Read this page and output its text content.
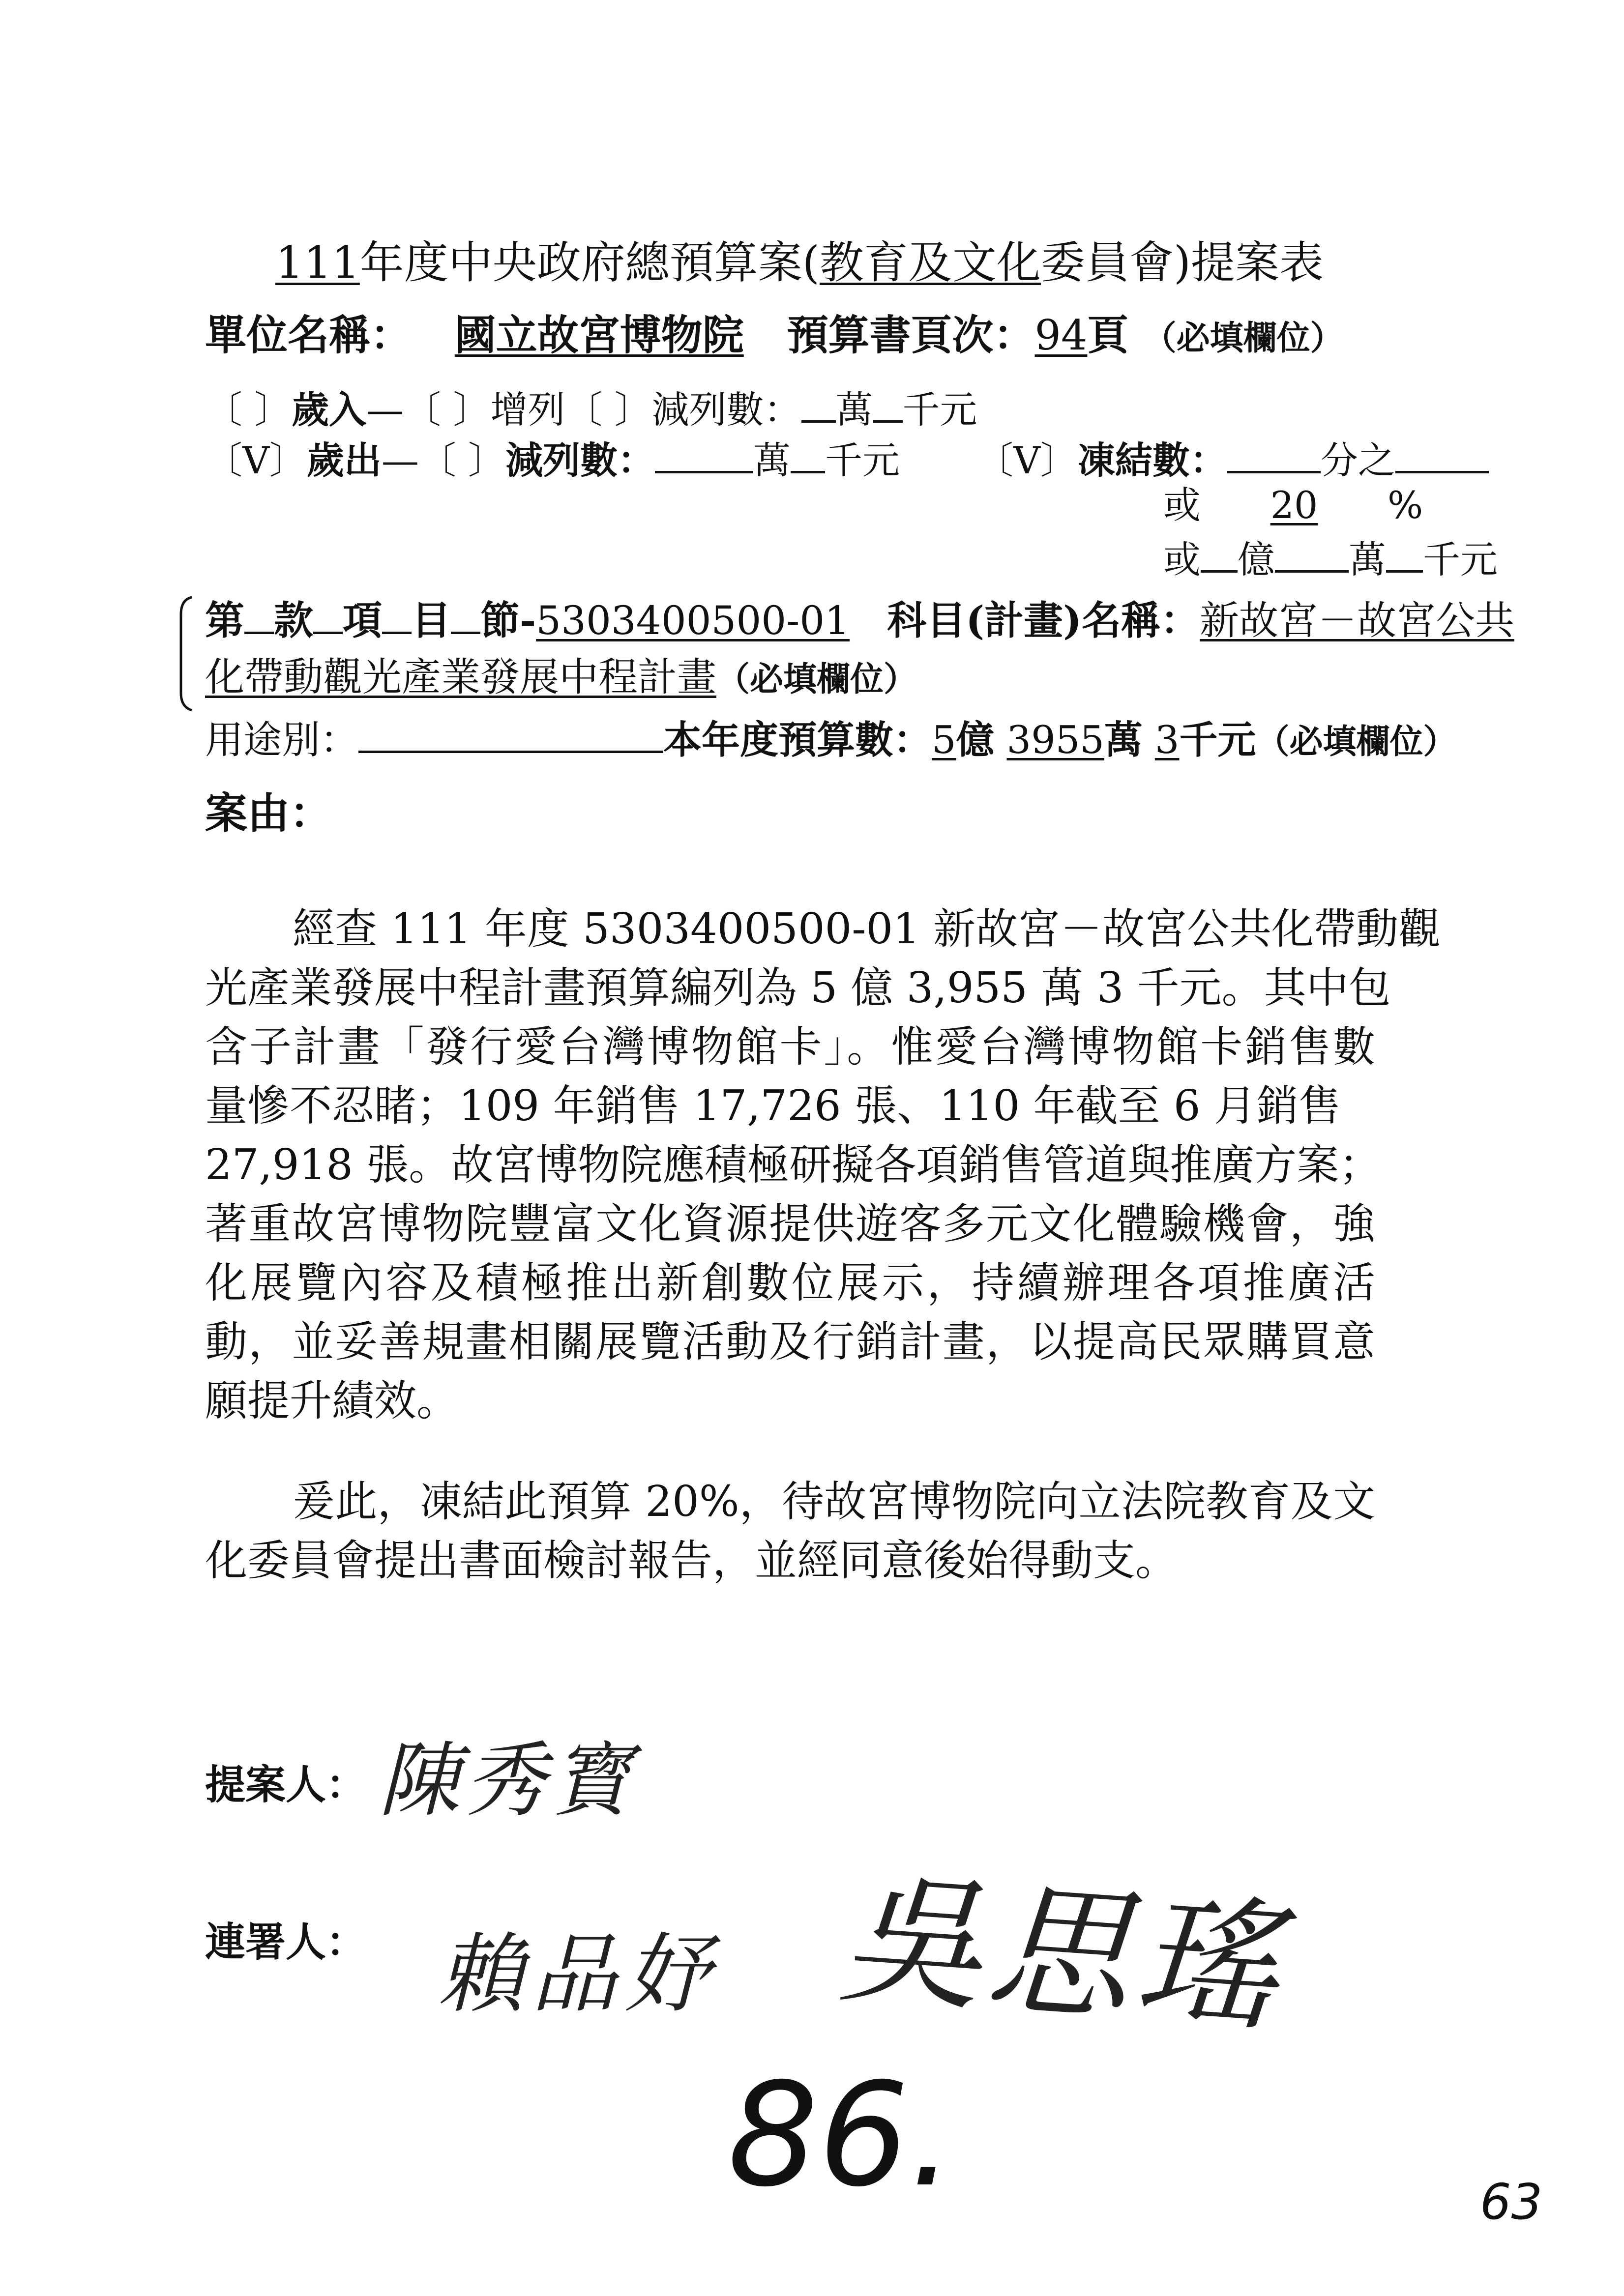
111年度中央政府總預算案(教育及文化委員會)提案表
單位名稱： 國立故宮博物院 預算書頁次：94頁 （必填欄位）
〔 〕歲入—〔 〕增列〔 〕減列數： 萬 千元
〔V〕歲出—〔 〕減列數：	萬 千元 〔V〕凍結數：	分之
或 20 %
或 億 萬 千元
第 款 項 目 節-5303400500-01 科目(計畫)名稱：新故宮－故宮公共
化帶動觀光產業發展中程計畫（必填欄位）
用途別：	本年度預算數：5億 3955萬 3千元（必填欄位）
案由：
經查 111 年度 5303400500-01 新故宮－故宮公共化帶動觀
光產業發展中程計畫預算編列為 5 億 3,955 萬 3 千元。其中包
含子計畫「發行愛台灣博物館卡」。惟愛台灣博物館卡銷售數
量慘不忍睹；109 年銷售 17,726 張、110 年截至 6 月銷售
27,918 張。故宮博物院應積極研擬各項銷售管道與推廣方案；
著重故宮博物院豐富文化資源提供遊客多元文化體驗機會，強
化展覽內容及積極推出新創數位展示，持續辦理各項推廣活
動，並妥善規畫相關展覽活動及行銷計畫，以提高民眾購買意
願提升績效。
爰此，凍結此預算 20%，待故宮博物院向立法院教育及文
化委員會提出書面檢討報告，並經同意後始得動支。
提案人： 陳秀寳
連署人： 賴品妤 吳思瑤
86.	63
